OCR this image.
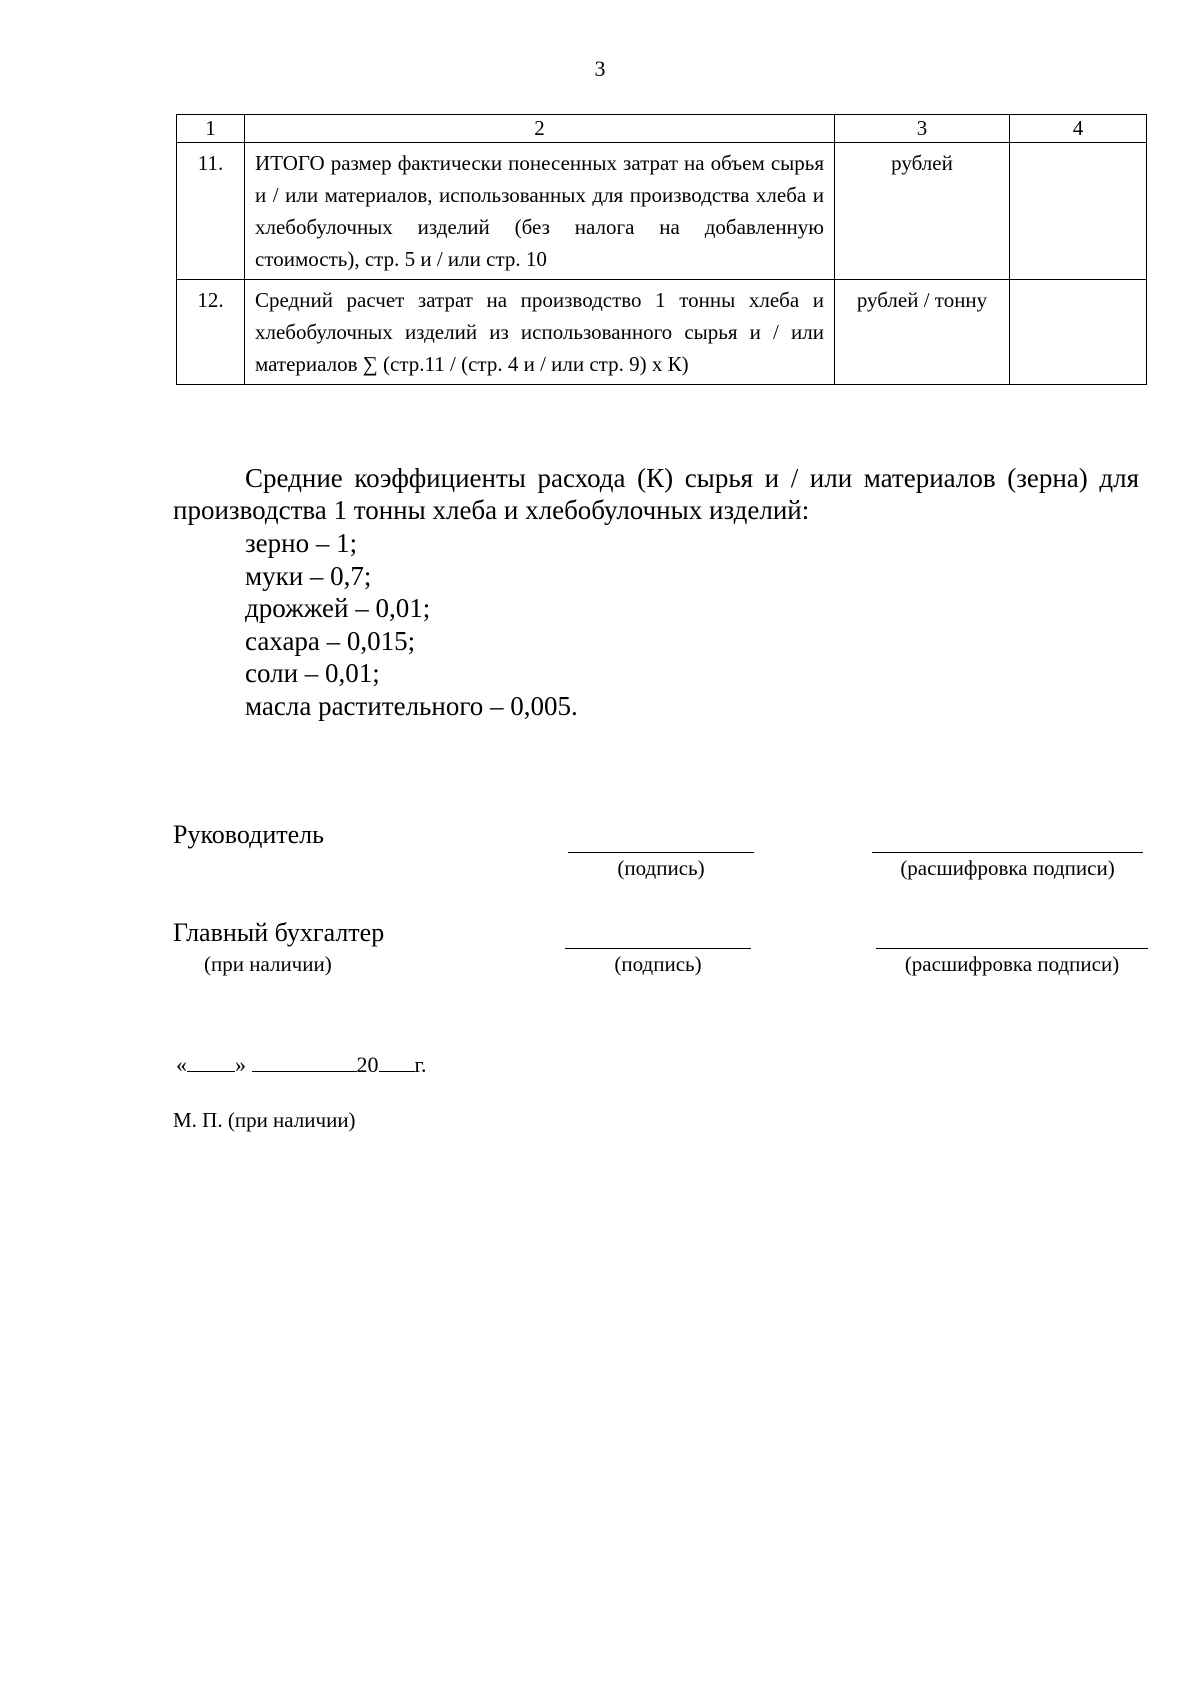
3
1	2	3	4
11.	ИТОГО размер фактически понесенных затрат на объем сырья и / или материалов, использованных для производства хлеба и хлебобулочных изделий (без налога на добавленную стоимость), стр. 5 и / или стр. 10	рублей	
12.	Средний расчет затрат на производство 1 тонны хлеба и хлебобулочных изделий из использованного сырья и / или материалов ∑ (стр.11 / (стр. 4 и / или стр. 9) х К)	рублей / тонну	
Средние коэффициенты расхода (К) сырья и / или материалов (зерна) для производства 1 тонны хлеба и хлебобулочных изделий:
зерно – 1;
муки – 0,7;
дрожжей – 0,01;
сахара – 0,015;
соли – 0,01;
масла растительного – 0,005.
Руководитель
(подпись)	(расшифровка подписи)
Главный бухгалтер
(при наличии)	(подпись)	(расшифровка подписи)
« »	20 г.
М. П. (при наличии)
